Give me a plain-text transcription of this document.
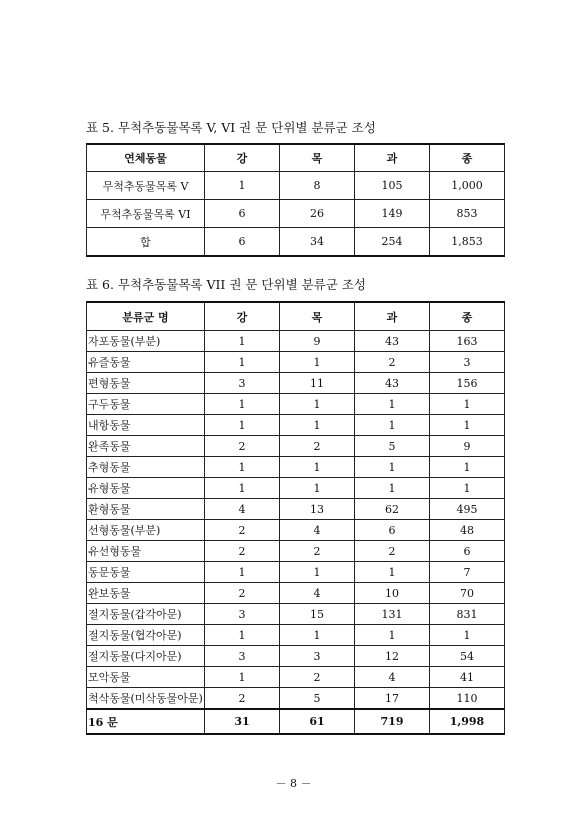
표 5. 무척추동물목록 V, VI 권 문 단위별 분류군 조성
연체동물	강	목	과	종
무척추동물목록 V	1	8	105	1,000
무척추동물목록 VI	6	26	149	853
합	6	34	254	1,853
표 6. 무척추동물목록 VII 권 문 단위별 분류군 조성
분류군 명	강	목	과	종
자포동물(부분)	1	9	43	163
유즐동물	1	1	2	3
편형동물	3	11	43	156
구두동물	1	1	1	1
내항동물	1	1	1	1
완족동물	2	2	5	9
추형동물	1	1	1	1
유형동물	1	1	1	1
환형동물	4	13	62	495
선형동물(부분)	2	4	6	48
유선형동물	2	2	2	6
동문동물	1	1	1	7
완보동물	2	4	10	70
절지동물(갑각아문)	3	15	131	831
절지동물(협각아문)	1	1	1	1
절지동물(다지아문)	3	3	12	54
모악동물	1	2	4	41
척삭동물(미삭동물아문)	2	5	17	110
16 문	31	61	719	1,998
－ 8 －
